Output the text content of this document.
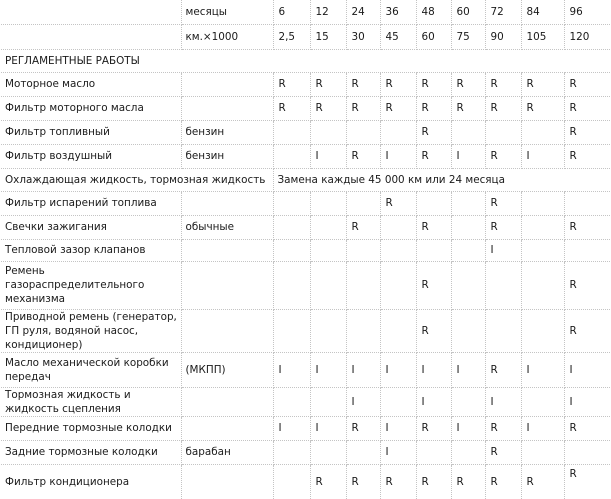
	месяцы	6	12	24	36	48	60	72	84	96
	км.×1000	2,5	15	30	45	60	75	90	105	120
РЕГЛАМЕНТНЫЕ РАБОТЫ										
Моторное масло		R	R	R	R	R	R	R	R	R
Фильтр моторного масла		R	R	R	R	R	R	R	R	R
Фильтр топливный	бензин					R				R
Фильтр воздушный	бензин		I	R	I	R	I	R	I	R
Охлаждающая жидкость, тормозная жидкость		Замена каждые 45 000 км или 24 месяца								
Фильтр испарений топлива					R			R		
Свечки зажигания	обычные			R		R		R		R
Тепловой зазор клапанов								I		
Ремень газораспределительного механизма						R				R
Приводной ремень (генератор, ГП руля, водяной насос, кондиционер)						R				R
Масло механической коробки передач	(МКПП)	I	I	I	I	I	I	R	I	I
Тормозная жидкость и жидкость сцепления				I		I		I		I
Передние тормозные колодки		I	I	R	I	R	I	R	I	R
Задние тормозные колодки	барабан				I			R		
Фильтр кондиционера			R	R	R	R	R	R	R	R
